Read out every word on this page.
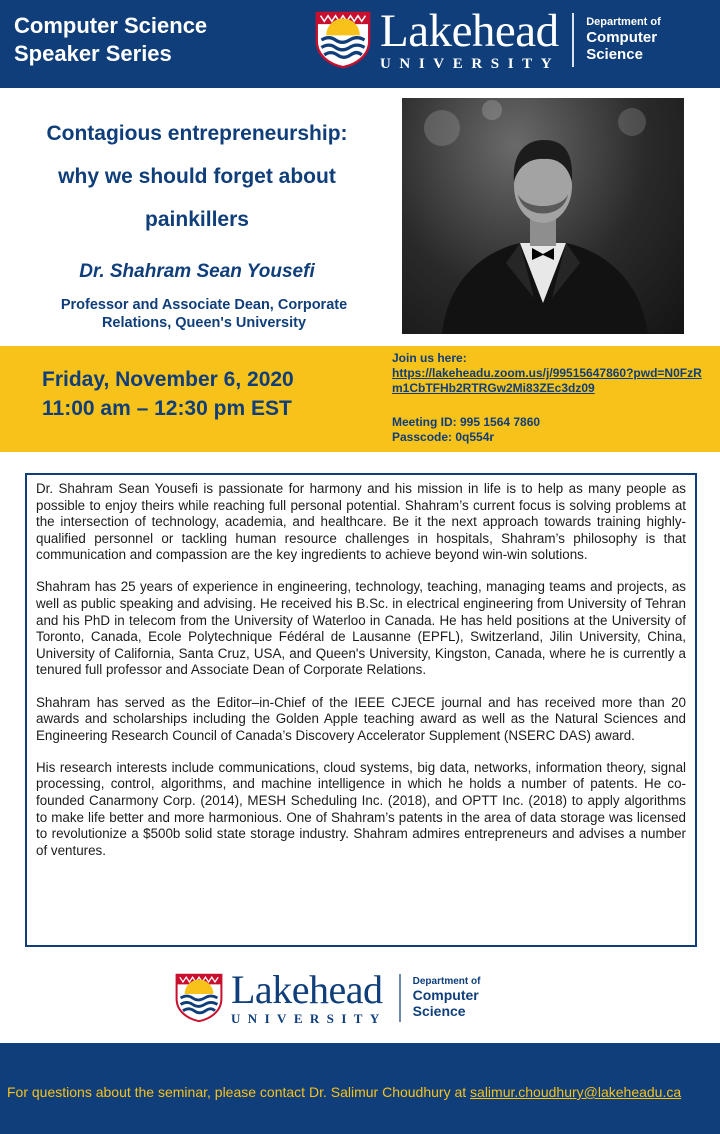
Computer Science
Speaker Series	Lakehead
UNIVERSITY
Department of
Computer
Science
Contagious entrepreneurship:
why we should forget about
painkillers
Dr. Shahram Sean Yousefi
Professor and Associate Dean, Corporate
Relations, Queen's University
Friday, November 6, 2020
11:00 am – 12:30 pm EST
Join us here:
https://lakeheadu.zoom.us/j/99515647860?pwd=N0FzRm1CbTFHb2RTRGw2Mi83ZEc3dz09
Meeting ID: 995 1564 7860
Passcode: 0q554r

Dr. Shahram Sean Yousefi is passionate for harmony and his mission in life is to help as many people as possible to enjoy theirs while reaching full personal potential. Shahram’s current focus is solving problems at the intersection of technology, academia, and healthcare. Be it the next approach towards training highly-qualified personnel or tackling human resource challenges in hospitals, Shahram’s philosophy is that communication and compassion are the key ingredients to achieve beyond win-win solutions.

Shahram has 25 years of experience in engineering, technology, teaching, managing teams and projects, as well as public speaking and advising. He received his B.Sc. in electrical engineering from University of Tehran and his PhD in telecom from the University of Waterloo in Canada. He has held positions at the University of Toronto, Canada, Ecole Polytechnique Fédéral de Lausanne (EPFL), Switzerland, Jilin University, China, University of California, Santa Cruz, USA, and Queen's University, Kingston, Canada, where he is currently a tenured full professor and Associate Dean of Corporate Relations.

Shahram has served as the Editor–in-Chief of the IEEE CJECE journal and has received more than 20 awards and scholarships including the Golden Apple teaching award as well as the Natural Sciences and Engineering Research Council of Canada’s Discovery Accelerator Supplement (NSERC DAS) award.

His research interests include communications, cloud systems, big data, networks, information theory, signal processing, control, algorithms, and machine intelligence in which he holds a number of patents. He co-founded Canarmony Corp. (2014), MESH Scheduling Inc. (2018), and OPTT Inc. (2018) to apply algorithms to make life better and more harmonious. One of Shahram’s patents in the area of data storage was licensed to revolutionize a $500b solid state storage industry. Shahram admires entrepreneurs and advises a number of ventures.

Lakehead
UNIVERSITY
Department of
Computer
Science
For questions about the seminar, please contact Dr. Salimur Choudhury at salimur.choudhury@lakeheadu.ca
